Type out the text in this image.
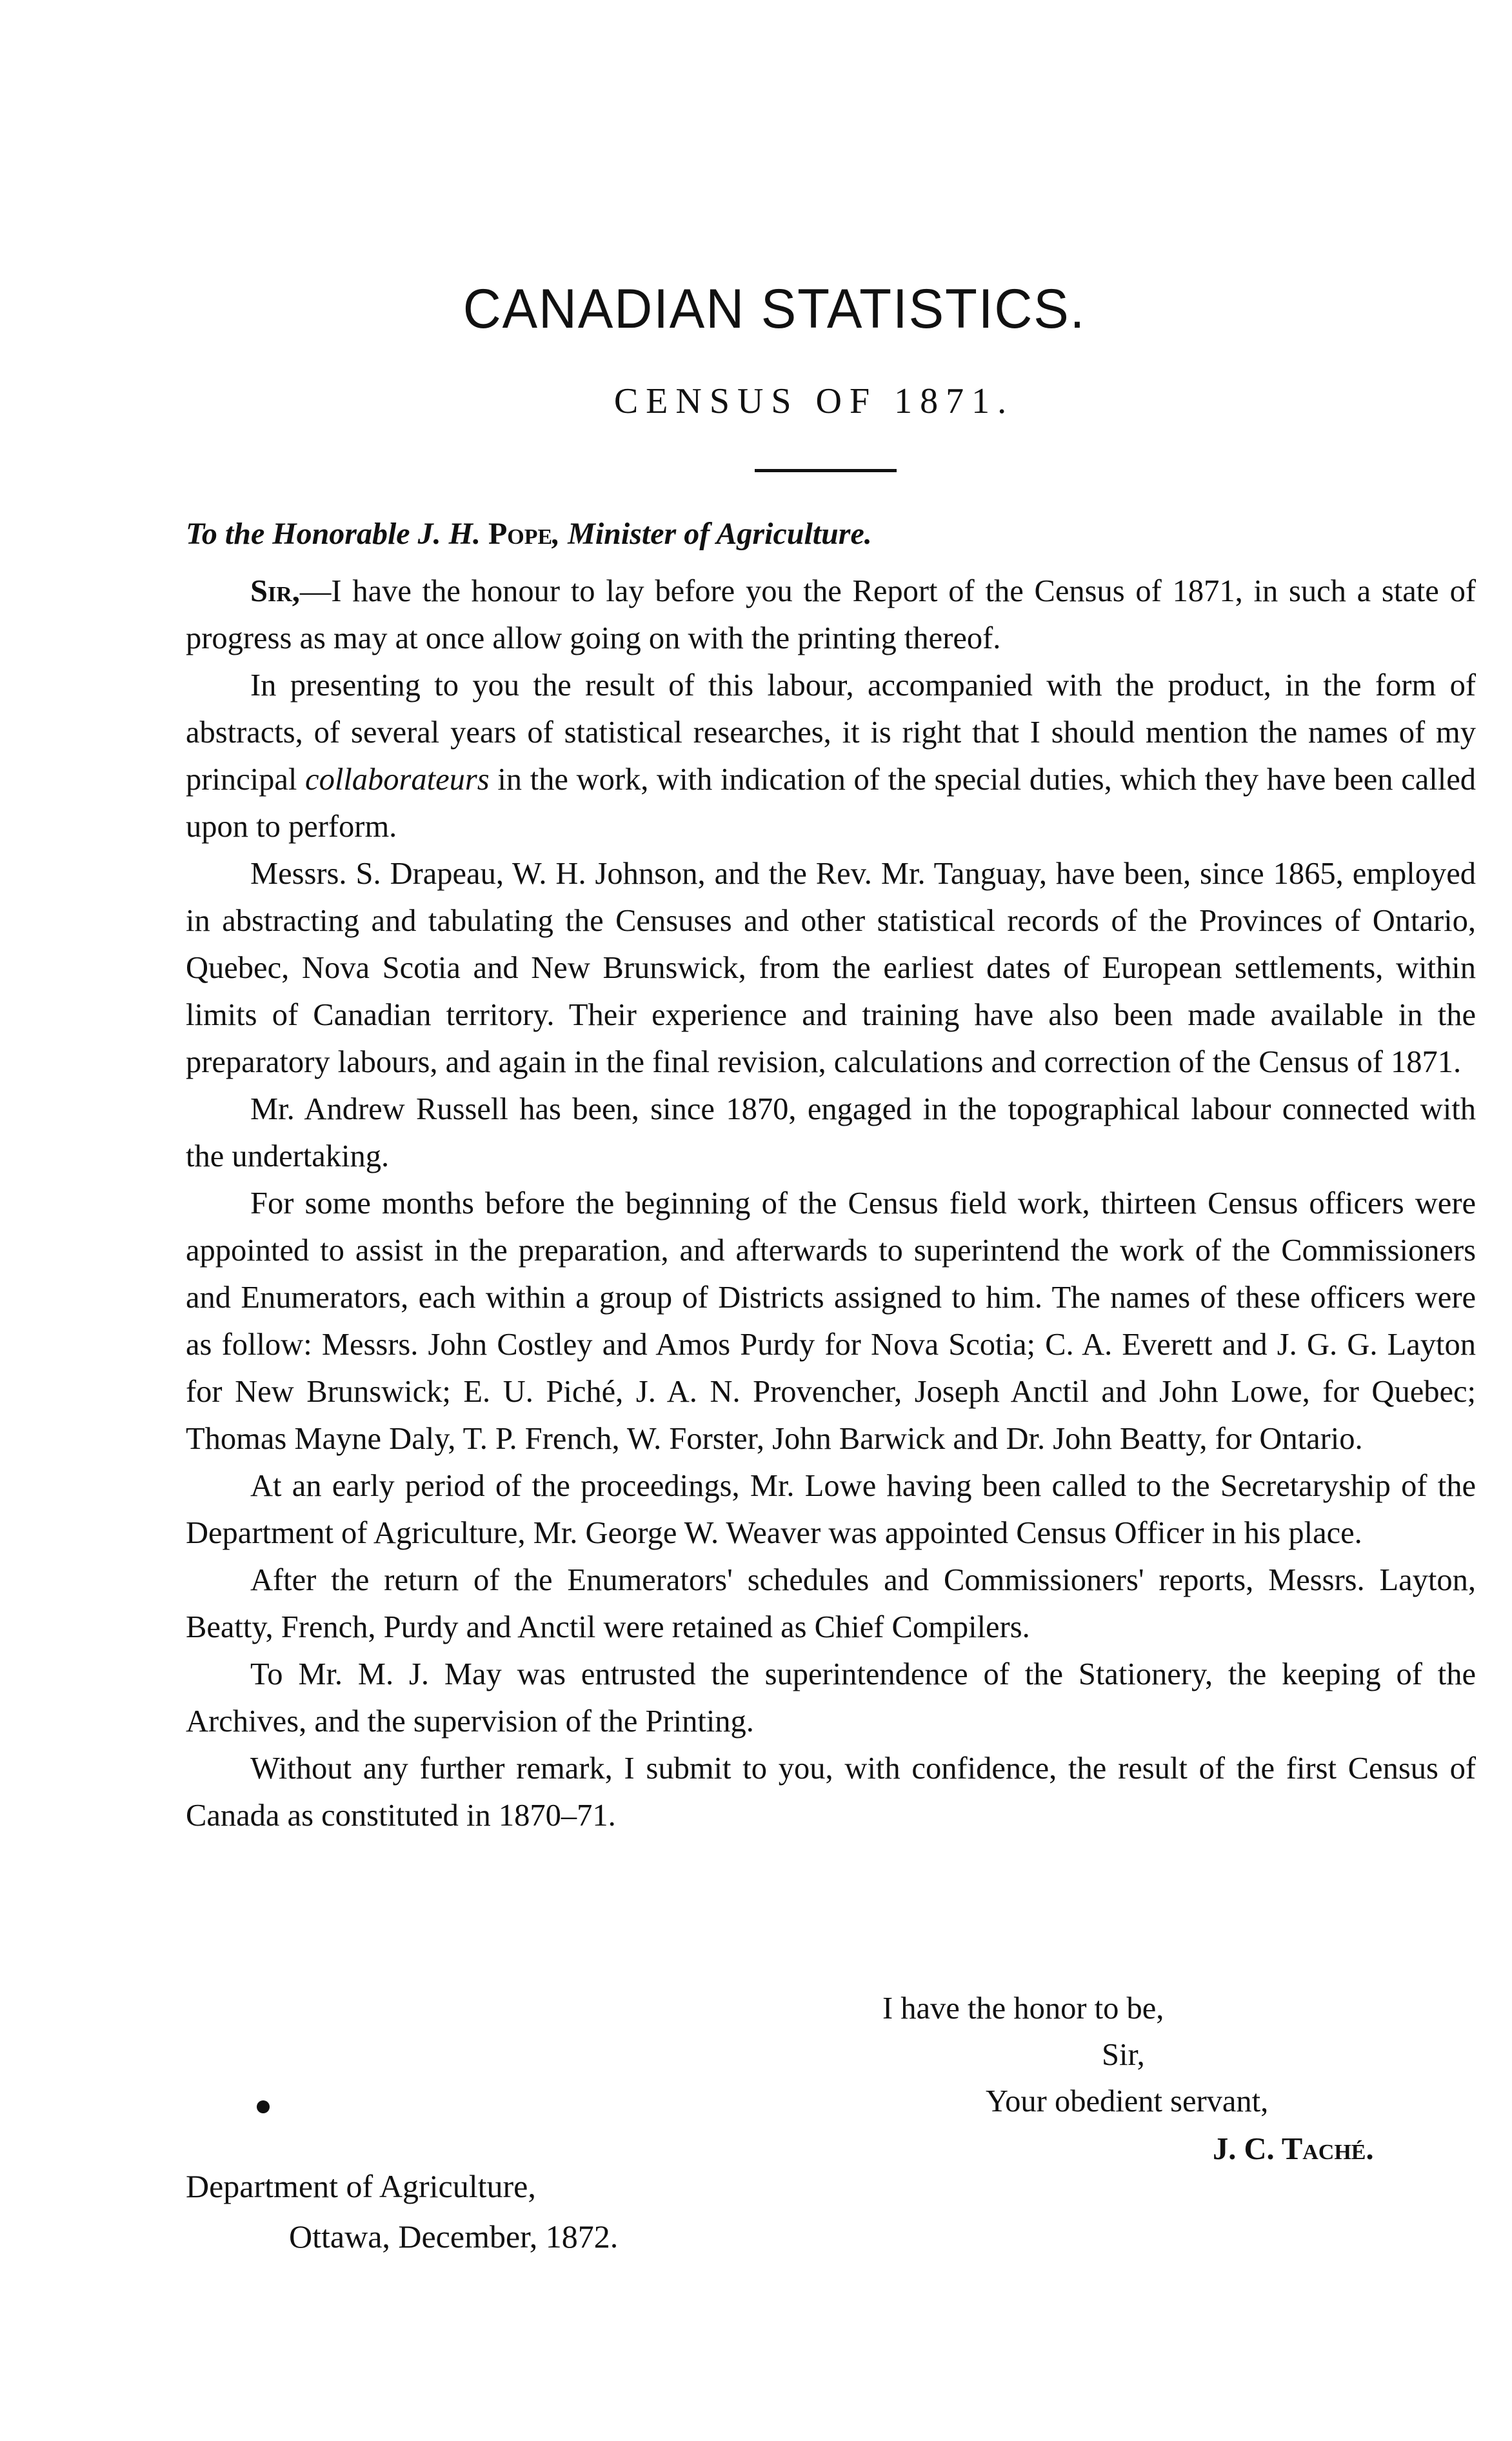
CANADIAN STATISTICS.
CENSUS OF 1871.
To the Honorable J. H. Pope, Minister of Agriculture.

Sir,—I have the honour to lay before you the Report of the Census of 1871, in such a state of progress as may at once allow going on with the printing thereof.

In presenting to you the result of this labour, accompanied with the product, in the form of abstracts, of several years of statistical researches, it is right that I should mention the names of my principal collaborateurs in the work, with indication of the special duties, which they have been called upon to perform.

Messrs. S. Drapeau, W. H. Johnson, and the Rev. Mr. Tanguay, have been, since 1865, employed in abstracting and tabulating the Censuses and other statistical records of the Provinces of Ontario, Quebec, Nova Scotia and New Brunswick, from the earliest dates of European settlements, within limits of Canadian territory. Their experience and training have also been made available in the preparatory labours, and again in the final revision, calculations and correction of the Census of 1871.

Mr. Andrew Russell has been, since 1870, engaged in the topographical labour connected with the undertaking.

For some months before the beginning of the Census field work, thirteen Census officers were appointed to assist in the preparation, and afterwards to superintend the work of the Commissioners and Enumerators, each within a group of Districts assigned to him. The names of these officers were as follow: Messrs. John Costley and Amos Purdy for Nova Scotia; C. A. Everett and J. G. G. Layton for New Brunswick; E. U. Piché, J. A. N. Provencher, Joseph Anctil and John Lowe, for Quebec; Thomas Mayne Daly, T. P. French, W. Forster, John Barwick and Dr. John Beatty, for Ontario.

At an early period of the proceedings, Mr. Lowe having been called to the Secretaryship of the Department of Agriculture, Mr. George W. Weaver was appointed Census Officer in his place.

After the return of the Enumerators' schedules and Commissioners' reports, Messrs. Layton, Beatty, French, Purdy and Anctil were retained as Chief Compilers.

To Mr. M. J. May was entrusted the superintendence of the Stationery, the keeping of the Archives, and the supervision of the Printing.

Without any further remark, I submit to you, with confidence, the result of the first Census of Canada as constituted in 1870–71.

I have the honor to be,
Sir,
Your obedient servant,
J. C. Taché.
Department of Agriculture,
Ottawa, December, 1872.
